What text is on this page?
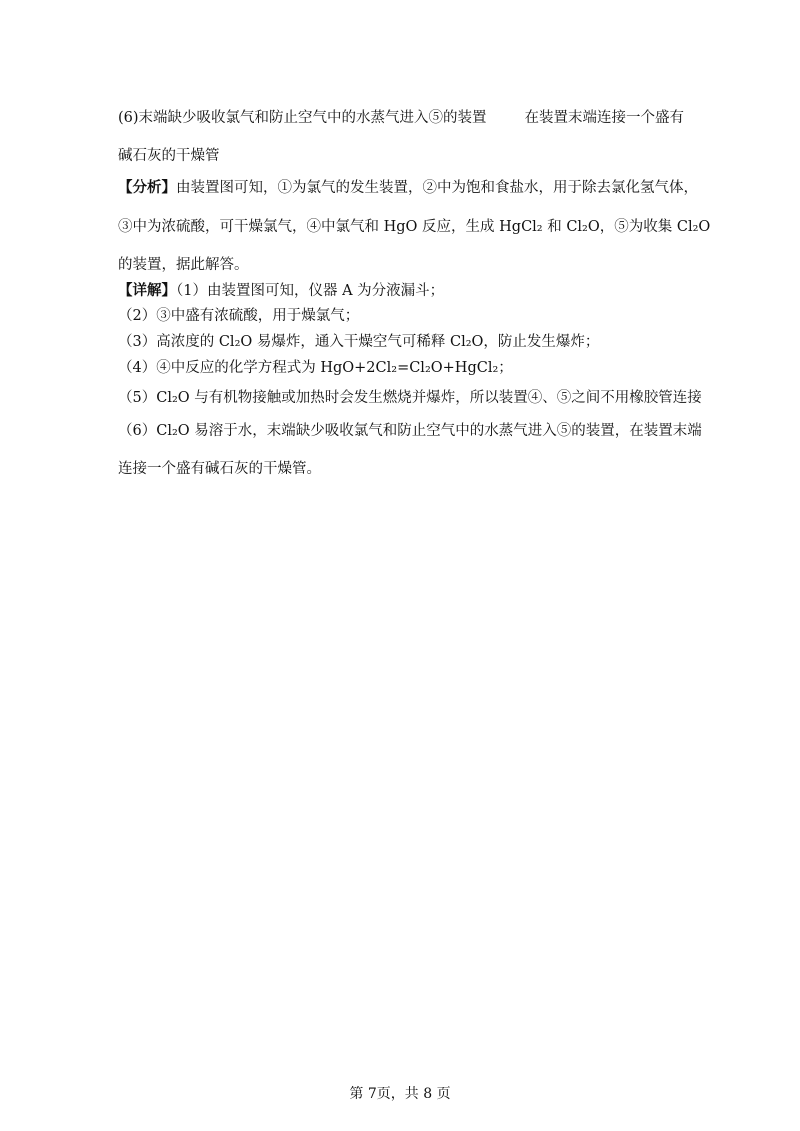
(6)末端缺少吸收氯气和防止空气中的水蒸气进入⑤的装置	在装置末端连接一个盛有
碱石灰的干燥管
【分析】由装置图可知，①为氯气的发生装置，②中为饱和食盐水，用于除去氯化氢气体，
③中为浓硫酸，可干燥氯气，④中氯气和 HgO 反应，生成 HgCl₂ 和 Cl₂O，⑤为收集 Cl₂O
的装置，据此解答。
【详解】（1）由装置图可知，仪器 A 为分液漏斗；
（2）③中盛有浓硫酸，用于燥氯气；
（3）高浓度的 Cl₂O 易爆炸，通入干燥空气可稀释 Cl₂O，防止发生爆炸；
（4）④中反应的化学方程式为 HgO+2Cl₂=Cl₂O+HgCl₂；
（5）Cl₂O 与有机物接触或加热时会发生燃烧并爆炸，所以装置④、⑤之间不用橡胶管连接
（6）Cl₂O 易溶于水，末端缺少吸收氯气和防止空气中的水蒸气进入⑤的装置，在装置末端
连接一个盛有碱石灰的干燥管。
第 7页，共 8 页
